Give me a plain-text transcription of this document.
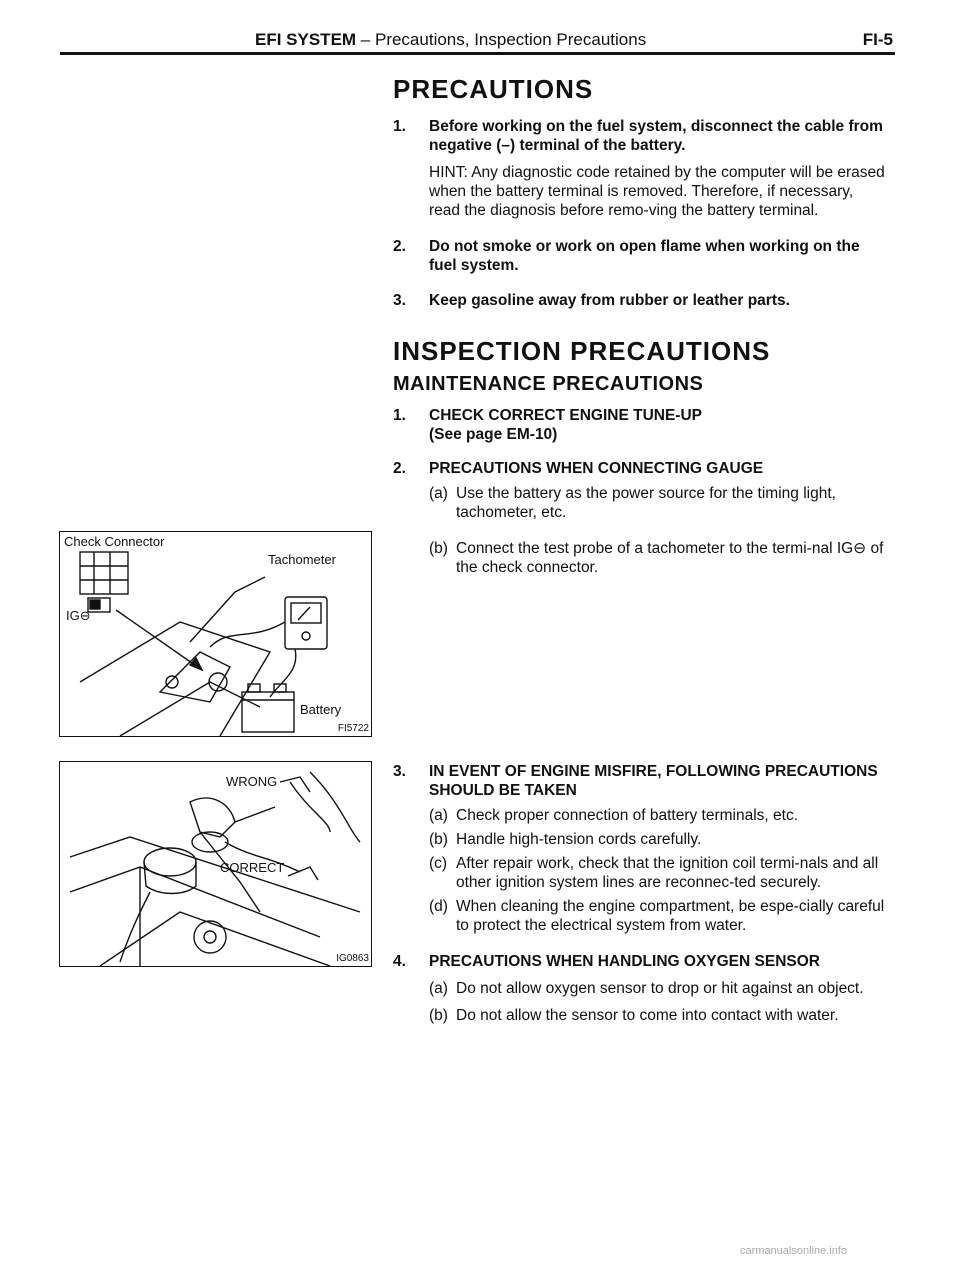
EFI SYSTEM – Precautions, Inspection Precautions	FI-5
PRECAUTIONS
1. Before working on the fuel system, disconnect the cable from negative (–) terminal of the battery.
HINT: Any diagnostic code retained by the computer will be erased when the battery terminal is removed. Therefore, if necessary, read the diagnosis before remo-ving the battery terminal.
2. Do not smoke or work on open flame when working on the fuel system.
3. Keep gasoline away from rubber or leather parts.
INSPECTION PRECAUTIONS
MAINTENANCE PRECAUTIONS
1. CHECK CORRECT ENGINE TUNE-UP
(See page EM-10)
2. PRECAUTIONS WHEN CONNECTING GAUGE
(a) Use the battery as the power source for the timing light, tachometer, etc.
(b) Connect the test probe of a tachometer to the termi-nal IG⊖ of the check connector.
3. IN EVENT OF ENGINE MISFIRE, FOLLOWING PRECAUTIONS SHOULD BE TAKEN
(a) Check proper connection of battery terminals, etc.
(b) Handle high-tension cords carefully.
(c) After repair work, check that the ignition coil termi-nals and all other ignition system lines are reconnec-ted securely.
(d) When cleaning the engine compartment, be espe-cially careful to protect the electrical system from water.
4. PRECAUTIONS WHEN HANDLING OXYGEN SENSOR
(a) Do not allow oxygen sensor to drop or hit against an object.
(b) Do not allow the sensor to come into contact with water.
Check Connector
Tachometer
IG⊖
Battery
FI5722
WRONG
CORRECT
IG0863
carmanualsonline.info
